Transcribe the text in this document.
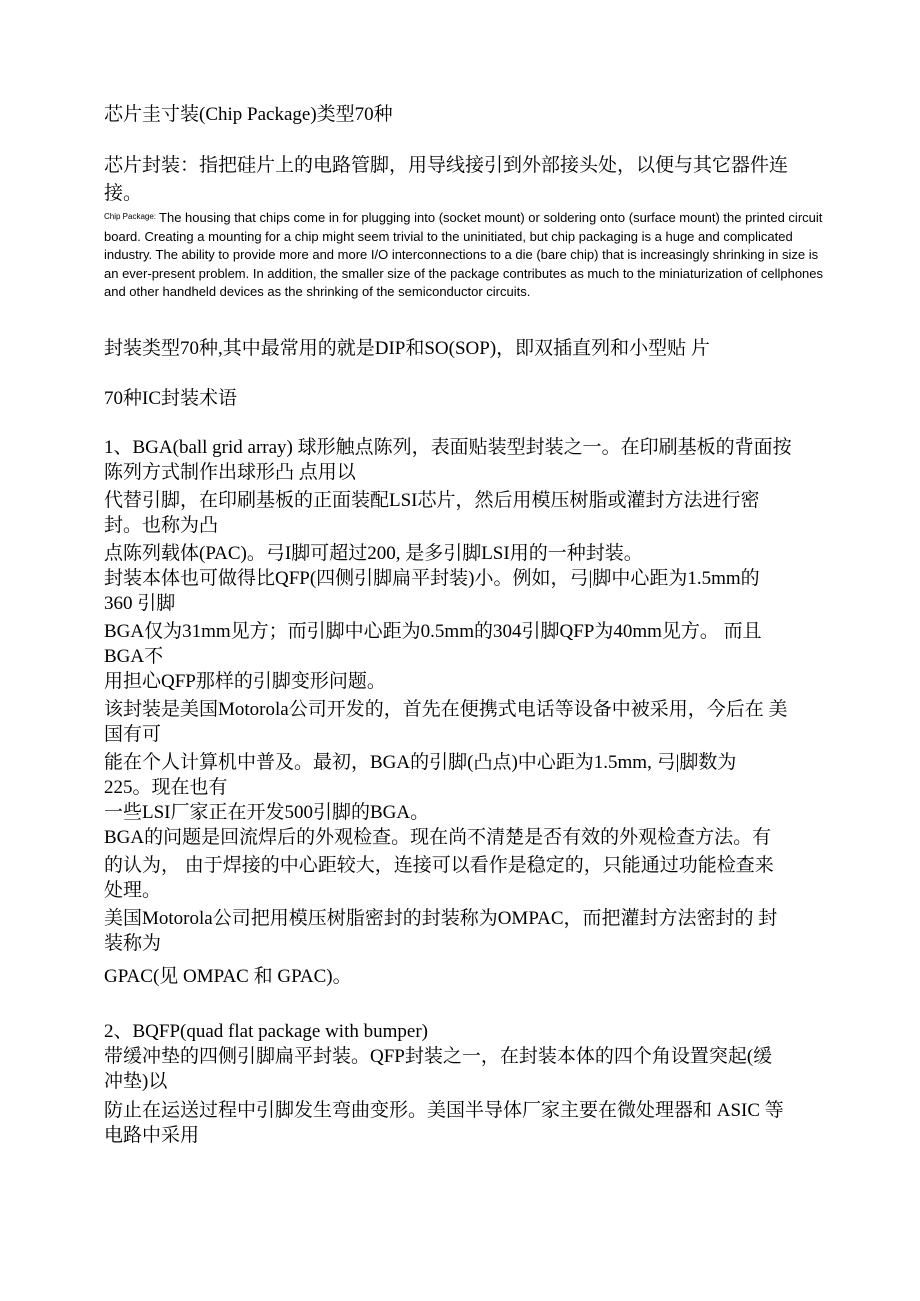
芯片圭寸装(Chip Package)类型70种
芯片封装：指把硅片上的电路管脚，用导线接引到外部接头处，以便与其它器件连接。
$^{Chip Package:}$ The housing that chips come in for plugging into (socket mount) or soldering onto (surface mount) the printed circuit board. Creating a mounting for a chip might seem trivial to the uninitiated, but chip packaging is a huge and complicated industry. The ability to provide more and more I/O interconnections to a die (bare chip) that is increasingly shrinking in size is an ever-present problem. In addition, the smaller size of the package contributes as much to the miniaturization of cellphones and other handheld devices as the shrinking of the semiconductor circuits.
封装类型70种,其中最常用的就是DIP和SO(SOP)，即双插直列和小型贴 片
70种IC封装术语
1、BGA(ball grid array) 球形触点陈列，表面贴装型封装之一。在印刷基板的背面按
陈列方式制作出球形凸 点用以
代替引脚，在印刷基板的正面装配LSI芯片，然后用模压树脂或灌封方法进行密
封。也称为凸
点陈列载体(PAC)。弓I脚可超过200, 是多引脚LSI用的一种封装。
封装本体也可做得比QFP(四侧引脚扁平封装)小。例如，弓|脚中心距为1.5mm的
360 引脚
BGA仅为31mm见方；而引脚中心距为0.5mm的304引脚QFP为40mm见方。 而且
BGA不
用担心QFP那样的引脚变形问题。
该封装是美国Motorola公司开发的，首先在便携式电话等设备中被采用，今后在 美
国有可
能在个人计算机中普及。最初，BGA的引脚(凸点)中心距为1.5mm, 弓|脚数为
225。现在也有
一些LSI厂家正在开发500引脚的BGA。
BGA的问题是回流焊后的外观检查。现在尚不清楚是否有效的外观检查方法。有
的认为， 由于焊接的中心距较大，连接可以看作是稳定的，只能通过功能检查来
处理。
美国Motorola公司把用模压树脂密封的封装称为OMPAC，而把灌封方法密封的 封
装称为
GPAC(见 OMPAC 和 GPAC)。
2、BQFP(quad flat package with bumper)
带缓冲垫的四侧引脚扁平封装。QFP封装之一，在封装本体的四个角设置突起(缓
冲垫)以
防止在运送过程中引脚发生弯曲变形。美国半导体厂家主要在微处理器和 ASIC 等
电路中采用
